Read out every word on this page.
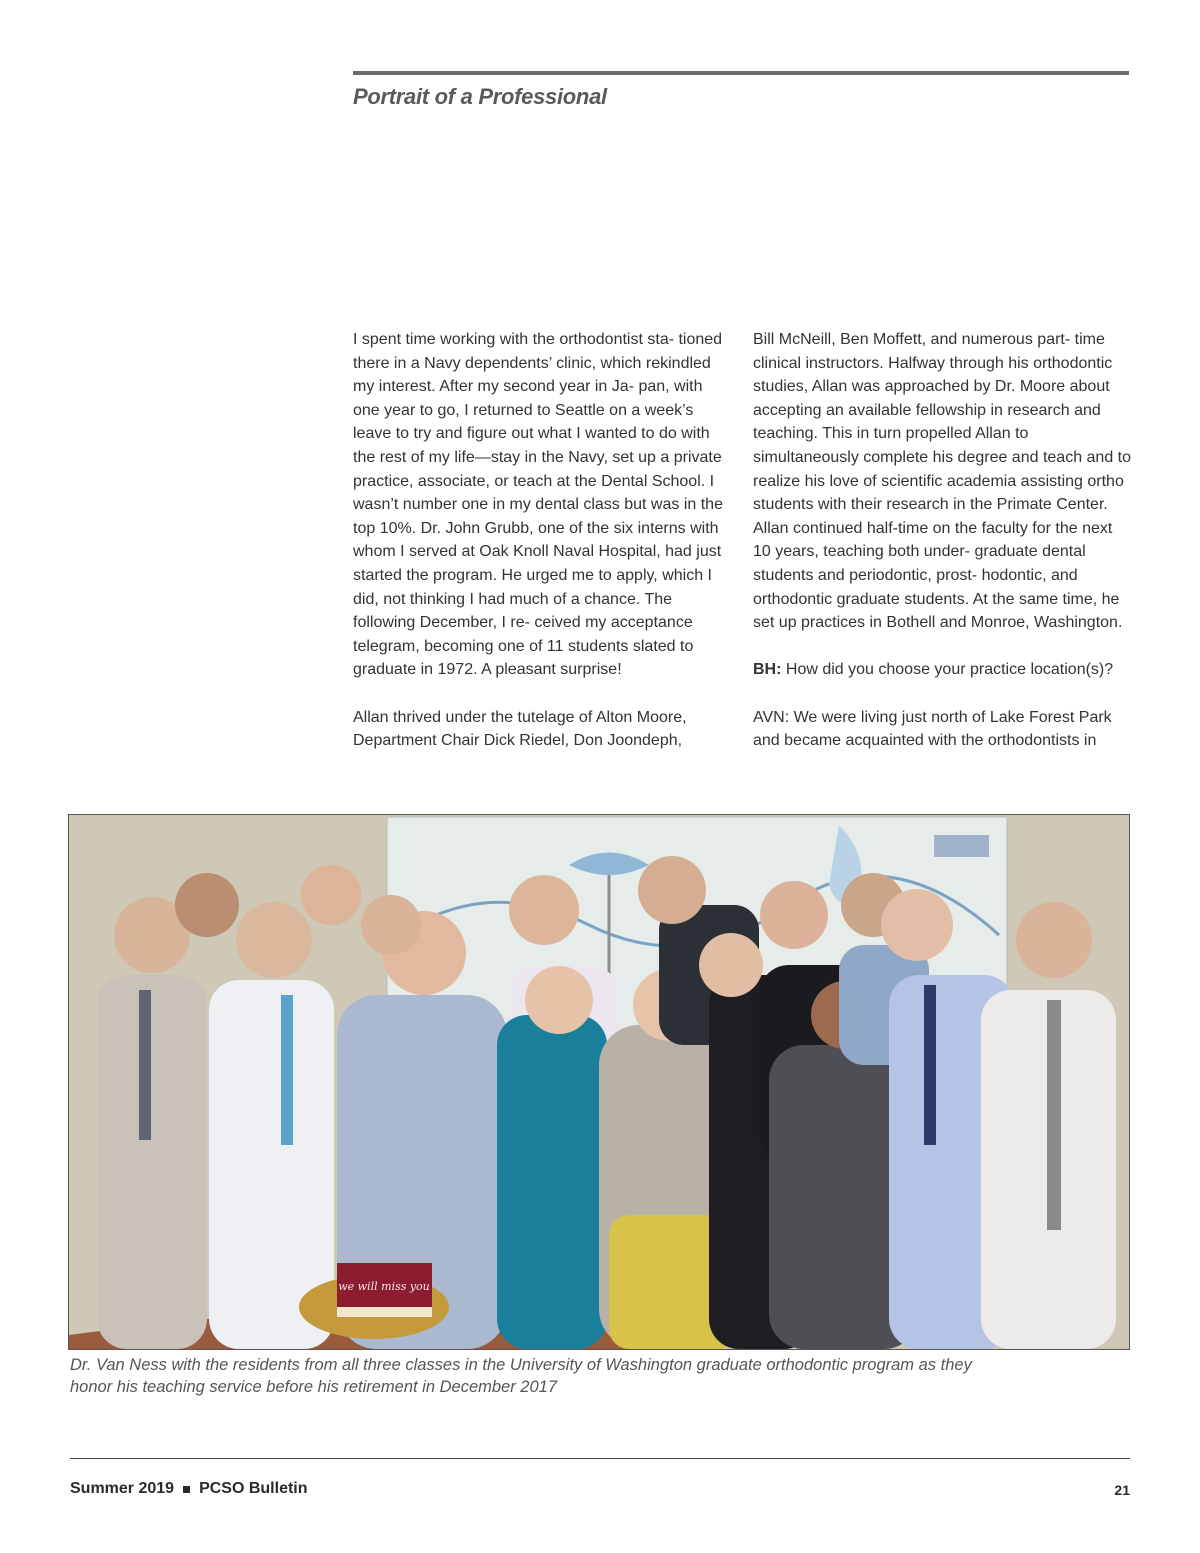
Portrait of a Professional

I spent time working with the orthodontist sta- tioned there in a Navy dependents’ clinic, which rekindled my interest. After my second year in Ja- pan, with one year to go, I returned to Seattle on a week’s leave to try and figure out what I wanted to do with the rest of my life—stay in the Navy, set up a private practice, associate, or teach at the Dental School. I wasn’t number one in my dental class but was in the top 10%. Dr. John Grubb, one of the six interns with whom I served at Oak Knoll Naval Hospital, had just started the program. He urged me to apply, which I did, not thinking I had much of a chance. The following December, I re- ceived my acceptance telegram, becoming one of 11 students slated to graduate in 1972. A pleasant surprise!

Allan thrived under the tutelage of Alton Moore, Department Chair Dick Riedel, Don Joondeph,

Bill McNeill, Ben Moffett, and numerous part- time clinical instructors. Halfway through his orthodontic studies, Allan was approached by Dr. Moore about accepting an available fellowship in research and teaching. This in turn propelled Allan to simultaneously complete his degree and teach and to realize his love of scientific academia assisting ortho students with their research in the Primate Center. Allan continued half-time on the faculty for the next 10 years, teaching both under- graduate dental students and periodontic, prost- hodontic, and orthodontic graduate students. At the same time, he set up practices in Bothell and Monroe, Washington.

BH: How did you choose your practice location(s)?

AVN: We were living just north of Lake Forest Park and became acquainted with the orthodontists in

we will miss you
Dr. Van Ness with the residents from all three classes in the University of Washington graduate orthodontic program as they
honor his teaching service before his retirement in December 2017
Summer 2019 PCSO Bulletin	21
